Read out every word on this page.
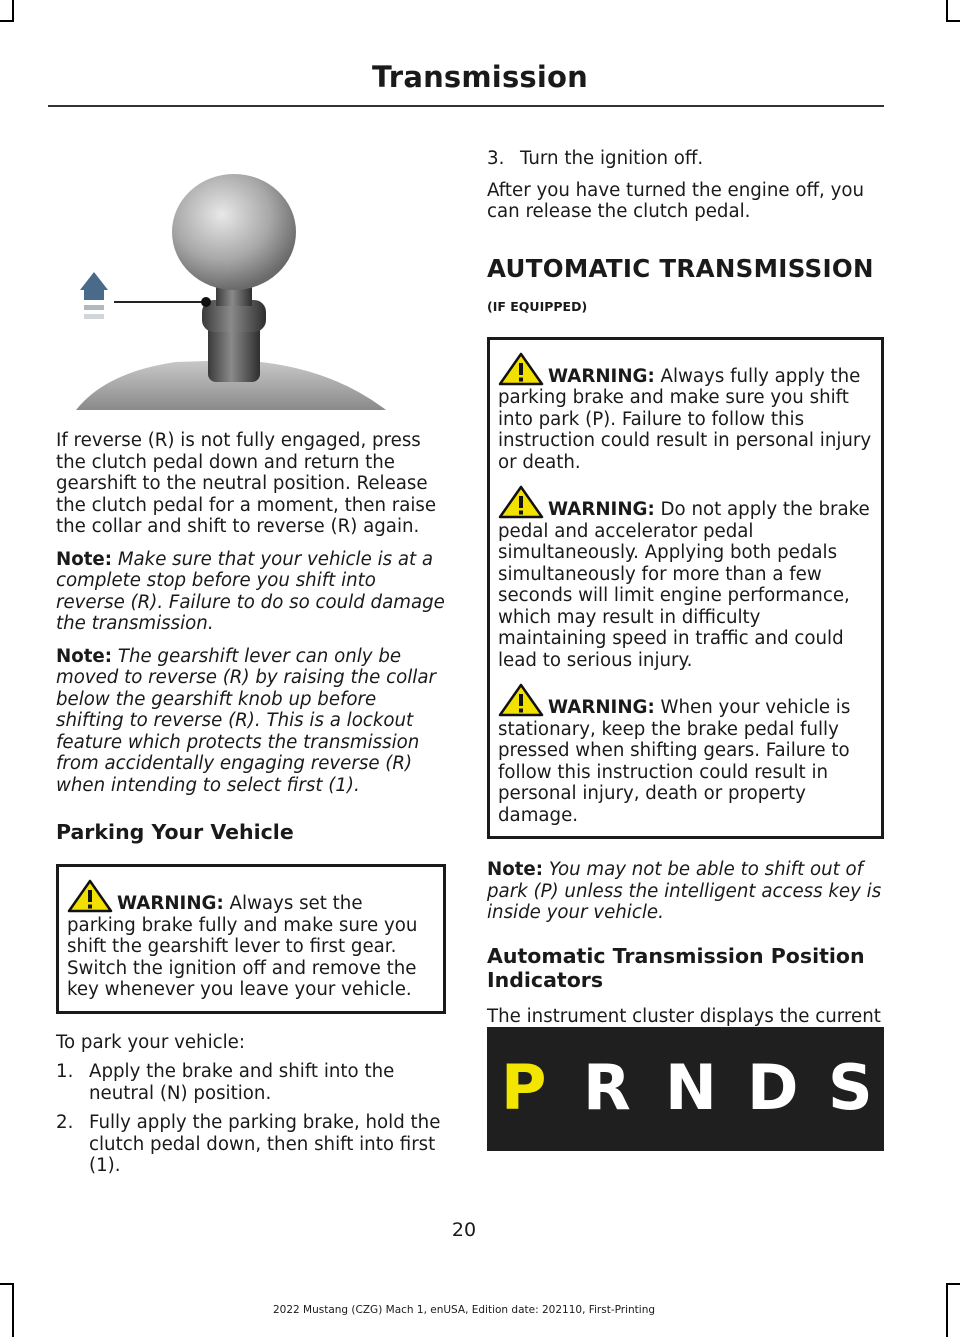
Transmission

If reverse (R) is not fully engaged, press the clutch pedal down and return the gearshift to the neutral position. Release the clutch pedal for a moment, then raise the collar and shift to reverse (R) again.

Note: Make sure that your vehicle is at a complete stop before you shift into reverse (R). Failure to do so could damage the transmission.

Note: The gearshift lever can only be moved to reverse (R) by raising the collar below the gearshift knob up before shifting to reverse (R). This is a lockout feature which protects the transmission from accidentally engaging reverse (R) when intending to select first (1).

Parking Your Vehicle

WARNING: Always set the parking brake fully and make sure you shift the gearshift lever to first gear. Switch the ignition off and remove the key whenever you leave your vehicle.

To park your vehicle:

1. Apply the brake and shift into the neutral (N) position.
2. Fully apply the parking brake, hold the clutch pedal down, then shift into first (1).
3. Turn the ignition off.

After you have turned the engine off, you can release the clutch pedal.

AUTOMATIC TRANSMISSION

(IF EQUIPPED)

WARNING: Always fully apply the parking brake and make sure you shift into park (P). Failure to follow this instruction could result in personal injury or death.

WARNING: Do not apply the brake pedal and accelerator pedal simultaneously. Applying both pedals simultaneously for more than a few seconds will limit engine performance, which may result in difficulty maintaining speed in traffic and could lead to serious injury.

WARNING: When your vehicle is stationary, keep the brake pedal fully pressed when shifting gears. Failure to follow this instruction could result in personal injury, death or property damage.

Note: You may not be able to shift out of park (P) unless the intelligent access key is inside your vehicle.

Automatic Transmission Position Indicators

The instrument cluster displays the current

P R N D S
20
2022 Mustang (CZG) Mach 1, enUSA, Edition date: 202110, First-Printing
